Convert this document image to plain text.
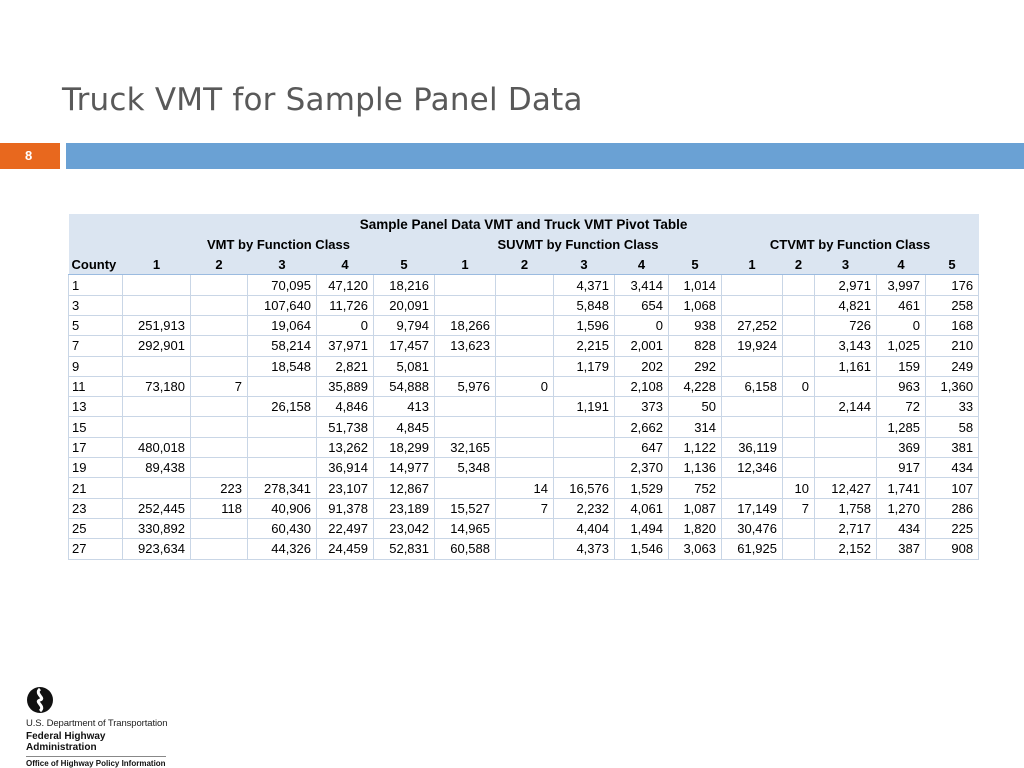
Truck VMT for Sample Panel Data
8
Sample Panel Data VMT and Truck VMT Pivot Table															
	VMT by Function Class					SUVMT by Function Class					CTVMT by Function Class				
County	1	2	3	4	5	1	2	3	4	5	1	2	3	4	5
1			70,095	47,120	18,216			4,371	3,414	1,014			2,971	3,997	176
3			107,640	11,726	20,091			5,848	654	1,068			4,821	461	258
5	251,913		19,064	0	9,794	18,266		1,596	0	938	27,252		726	0	168
7	292,901		58,214	37,971	17,457	13,623		2,215	2,001	828	19,924		3,143	1,025	210
9			18,548	2,821	5,081			1,179	202	292			1,161	159	249
11	73,180	7		35,889	54,888	5,976	0		2,108	4,228	6,158	0		963	1,360
13			26,158	4,846	413			1,191	373	50			2,144	72	33
15				51,738	4,845				2,662	314				1,285	58
17	480,018			13,262	18,299	32,165			647	1,122	36,119			369	381
19	89,438			36,914	14,977	5,348			2,370	1,136	12,346			917	434
21		223	278,341	23,107	12,867		14	16,576	1,529	752		10	12,427	1,741	107
23	252,445	118	40,906	91,378	23,189	15,527	7	2,232	4,061	1,087	17,149	7	1,758	1,270	286
25	330,892		60,430	22,497	23,042	14,965		4,404	1,494	1,820	30,476		2,717	434	225
27	923,634		44,326	24,459	52,831	60,588		4,373	1,546	3,063	61,925		2,152	387	908
U.S. Department of Transportation
Federal Highway Administration
Office of Highway Policy Information
